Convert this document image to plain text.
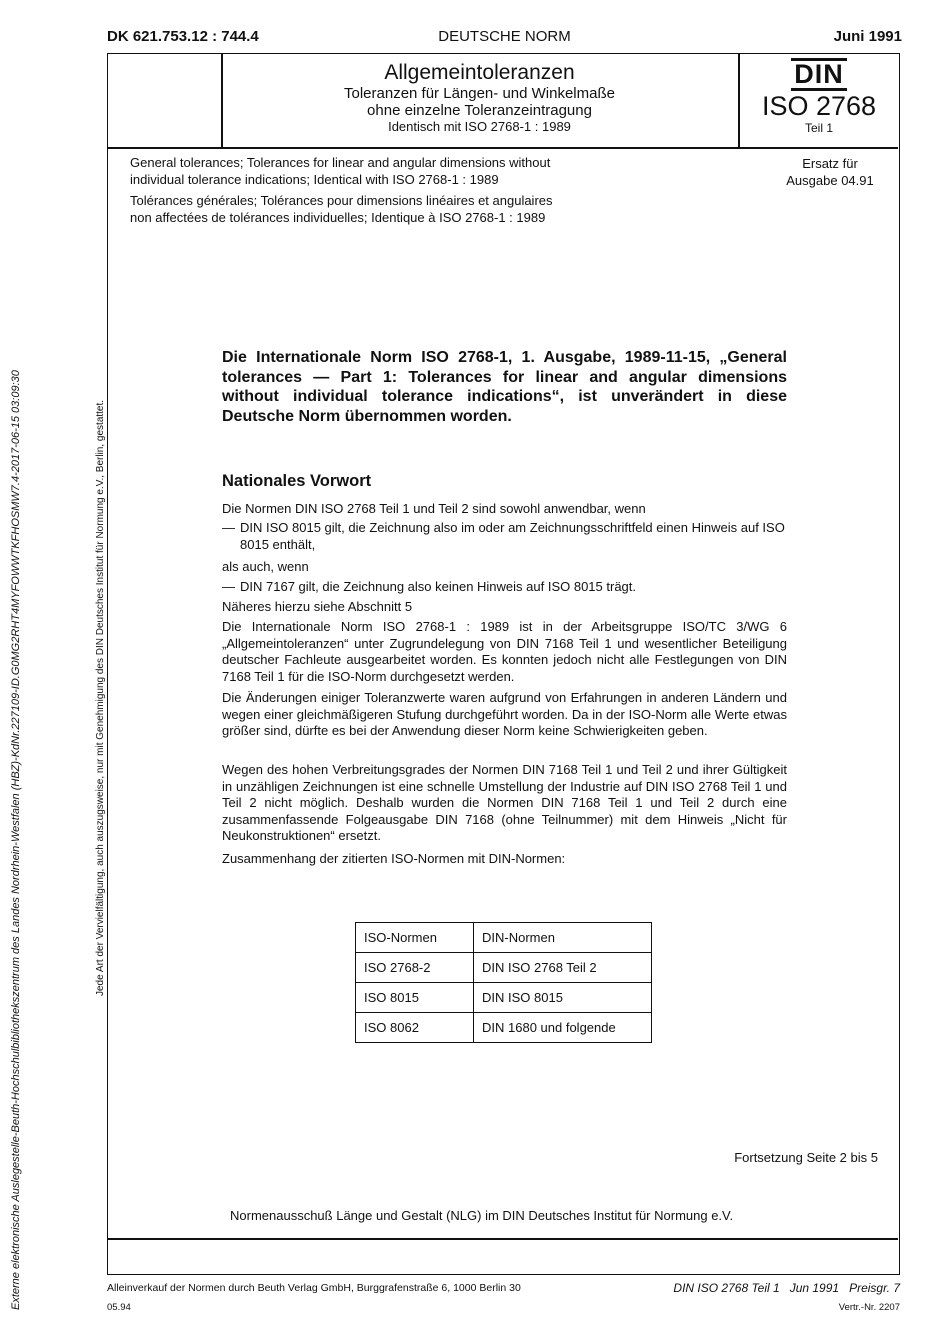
DK 621.753.12 : 744.4	DEUTSCHE NORM	Juni 1991
Allgemeintoleranzen
Toleranzen für Längen- und Winkelmaße
ohne einzelne Toleranzeintragung
Identisch mit ISO 2768-1 : 1989
DIN
ISO 2768
Teil 1
General tolerances; Tolerances for linear and angular dimensions without
individual tolerance indications; Identical with ISO 2768-1 : 1989
Tolérances générales; Tolérances pour dimensions linéaires et angulaires
non affectées de tolérances individuelles; Identique à ISO 2768-1 : 1989
Ersatz für
Ausgabe 04.91
Externe elektronische Auslegestelle-Beuth-Hochschulbibliothekszentrum des Landes Nordrhein-Westfalen (HBZ)-KdNr.227109-ID.G0MG2RHT4MYFOWWTKFHOSMW7.4-2017-06-15 03:09:30	Jede Art der Vervielfältigung, auch auszugsweise, nur mit Genehmigung des DIN Deutsches Institut für Normung e.V., Berlin, gestattet.
Die Internationale Norm ISO 2768-1, 1. Ausgabe, 1989-11-15, „General tolerances — Part 1: Tolerances for linear and angular dimensions without individual tolerance indications“, ist unverändert in diese Deutsche Norm übernommen worden.
Nationales Vorwort
Die Normen DIN ISO 2768 Teil 1 und Teil 2 sind sowohl anwendbar, wenn
— DIN ISO 8015 gilt, die Zeichnung also im oder am Zeichnungsschriftfeld einen Hinweis auf ISO 8015 enthält,
als auch, wenn
— DIN 7167 gilt, die Zeichnung also keinen Hinweis auf ISO 8015 trägt.
Näheres hierzu siehe Abschnitt 5
Die Internationale Norm ISO 2768-1 : 1989 ist in der Arbeitsgruppe ISO/TC 3/WG 6 „Allgemeintoleranzen“ unter Zugrundelegung von DIN 7168 Teil 1 und wesentlicher Beteiligung deutscher Fachleute ausgearbeitet worden. Es konnten jedoch nicht alle Festlegungen von DIN 7168 Teil 1 für die ISO-Norm durchgesetzt werden.
Die Änderungen einiger Toleranzwerte waren aufgrund von Erfahrungen in anderen Ländern und wegen einer gleichmäßigeren Stufung durchgeführt worden. Da in der ISO-Norm alle Werte etwas größer sind, dürfte es bei der Anwendung dieser Norm keine Schwierigkeiten geben.
Wegen des hohen Verbreitungsgrades der Normen DIN 7168 Teil 1 und Teil 2 und ihrer Gültigkeit in unzähligen Zeichnungen ist eine schnelle Umstellung der Industrie auf DIN ISO 2768 Teil 1 und Teil 2 nicht möglich. Deshalb wurden die Normen DIN 7168 Teil 1 und Teil 2 durch eine zusammenfassende Folgeausgabe DIN 7168 (ohne Teilnummer) mit dem Hinweis „Nicht für Neukonstruktionen“ ersetzt.
Zusammenhang der zitierten ISO-Normen mit DIN-Normen:
ISO-Normen	DIN-Normen
ISO 2768-2	DIN ISO 2768 Teil 2
ISO 8015	DIN ISO 8015
ISO 8062	DIN 1680 und folgende
Fortsetzung Seite 2 bis 5
Normenausschuß Länge und Gestalt (NLG) im DIN Deutsches Institut für Normung e.V.
Alleinverkauf der Normen durch Beuth Verlag GmbH, Burggrafenstraße 6, 1000 Berlin 30	DIN ISO 2768 Teil 1   Jun 1991   Preisgr. 7
05.94	Vertr.-Nr. 2207
